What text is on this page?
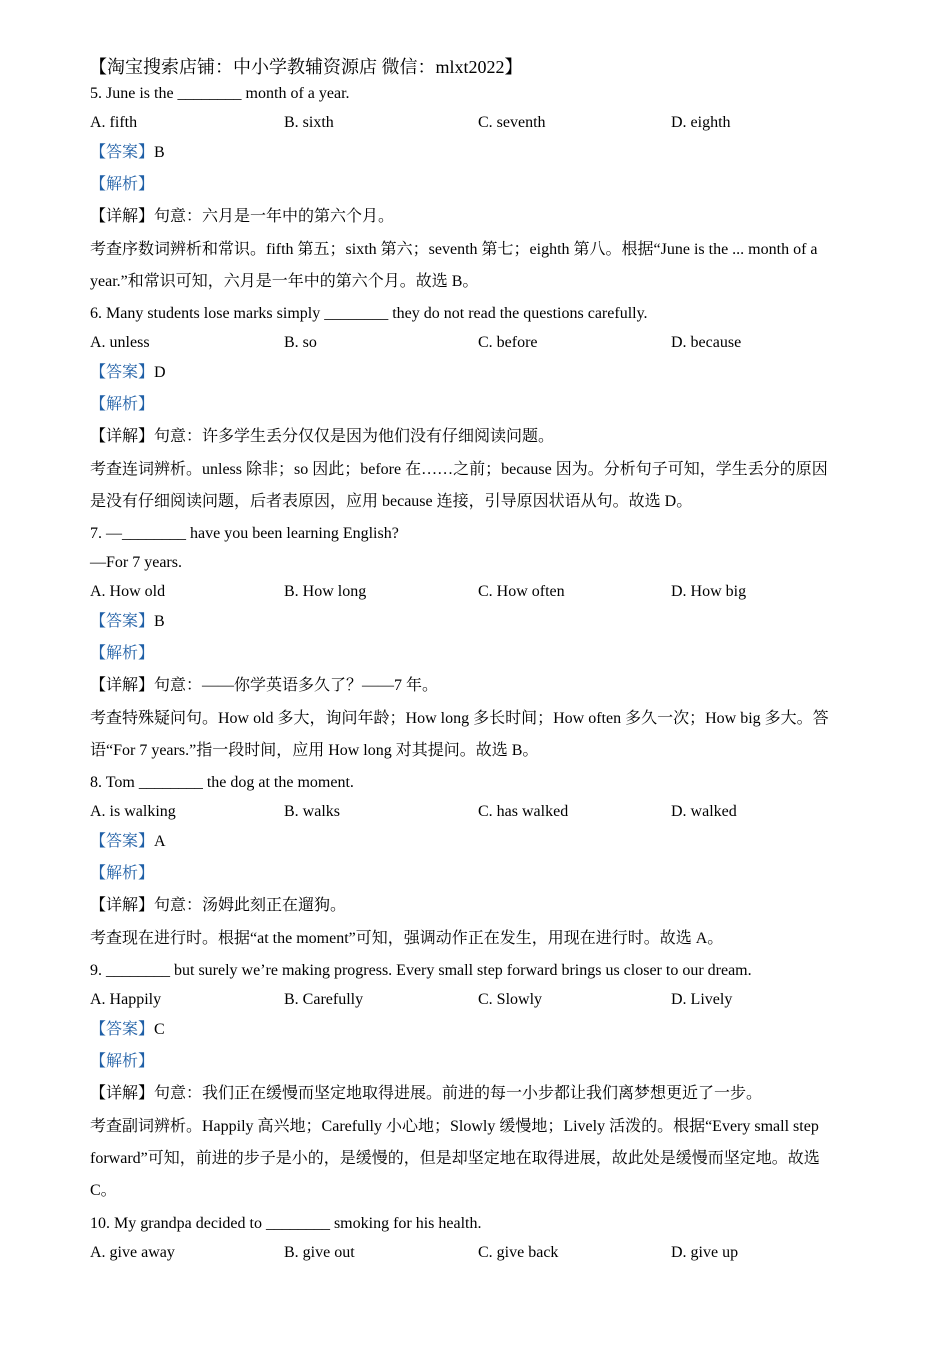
【淘宝搜索店铺：中小学教辅资源店 微信：mlxt2022】
5. June is the ________ month of a year.
A. fifth	B. sixth	C. seventh	D. eighth
【答案】B
【解析】
【详解】句意：六月是一年中的第六个月。
考查序数词辨析和常识。fifth 第五；sixth 第六；seventh 第七；eighth 第八。根据“June is the ... month of a
year.”和常识可知，六月是一年中的第六个月。故选 B。
6. Many students lose marks simply ________ they do not read the questions carefully.
A. unless	B. so	C. before	D. because
【答案】D
【解析】
【详解】句意：许多学生丢分仅仅是因为他们没有仔细阅读问题。
考查连词辨析。unless 除非；so 因此；before 在……之前；because 因为。分析句子可知，学生丢分的原因
是没有仔细阅读问题，后者表原因，应用 because 连接，引导原因状语从句。故选 D。
7. —________ have you been learning English?
—For 7 years.
A. How old	B. How long	C. How often	D. How big
【答案】B
【解析】
【详解】句意：——你学英语多久了？——7 年。
考查特殊疑问句。How old 多大，询问年龄；How long 多长时间；How often 多久一次；How big 多大。答
语“For 7 years.”指一段时间，应用 How long 对其提问。故选 B。
8. Tom ________ the dog at the moment.
A. is walking	B. walks	C. has walked	D. walked
【答案】A
【解析】
【详解】句意：汤姆此刻正在遛狗。
考查现在进行时。根据“at the moment”可知，强调动作正在发生，用现在进行时。故选 A。
9. ________ but surely we’re making progress. Every small step forward brings us closer to our dream.
A. Happily	B. Carefully	C. Slowly	D. Lively
【答案】C
【解析】
【详解】句意：我们正在缓慢而坚定地取得进展。前进的每一小步都让我们离梦想更近了一步。
考查副词辨析。Happily 高兴地；Carefully 小心地；Slowly 缓慢地；Lively 活泼的。根据“Every small step
forward”可知，前进的步子是小的，是缓慢的，但是却坚定地在取得进展，故此处是缓慢而坚定地。故选
C。
10. My grandpa decided to ________ smoking for his health.
A. give away	B. give out	C. give back	D. give up
